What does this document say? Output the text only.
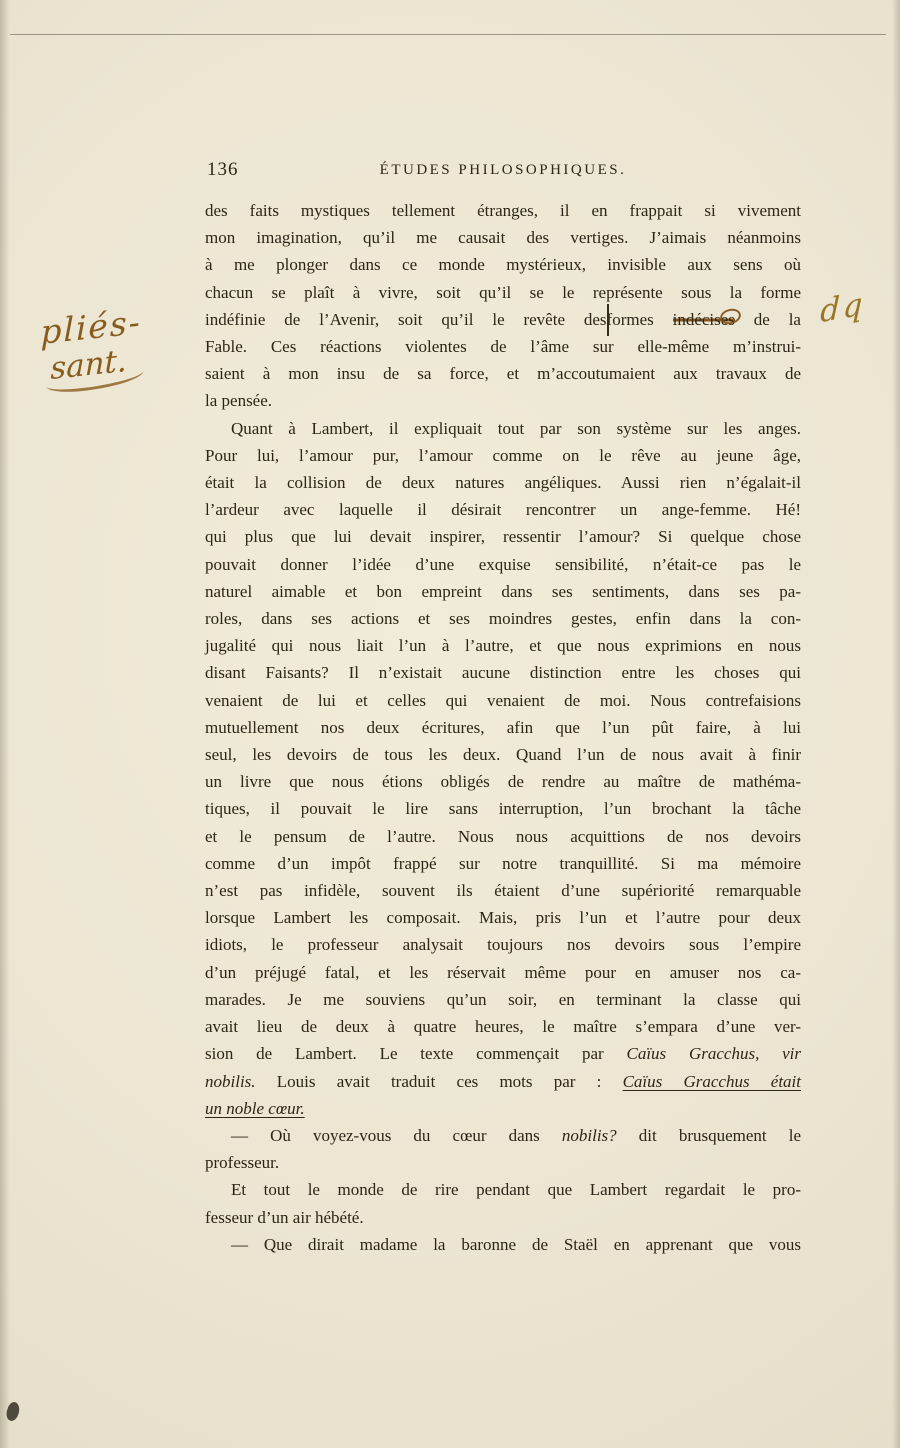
136	ÉTUDES PHILOSOPHIQUES.
des faits mystiques tellement étranges, il en frappait si vivement
mon imagination, qu’il me causait des vertiges. J’aimais néanmoins
à me plonger dans ce monde mystérieux, invisible aux sens où
chacun se plaît à vivre, soit qu’il se le représente sous la forme
indéfinie de l’Avenir, soit qu’il le revête desformes indécises de la
Fable. Ces réactions violentes de l’âme sur elle-même m’instrui-
saient à mon insu de sa force, et m’accoutumaient aux travaux de
la pensée.
Quant à Lambert, il expliquait tout par son système sur les anges.
Pour lui, l’amour pur, l’amour comme on le rêve au jeune âge,
était la collision de deux natures angéliques. Aussi rien n’égalait-il
l’ardeur avec laquelle il désirait rencontrer un ange-femme. Hé!
qui plus que lui devait inspirer, ressentir l’amour? Si quelque chose
pouvait donner l’idée d’une exquise sensibilité, n’était-ce pas le
naturel aimable et bon empreint dans ses sentiments, dans ses pa-
roles, dans ses actions et ses moindres gestes, enfin dans la con-
jugalité qui nous liait l’un à l’autre, et que nous exprimions en nous
disant Faisants? Il n’existait aucune distinction entre les choses qui
venaient de lui et celles qui venaient de moi. Nous contrefaisions
mutuellement nos deux écritures, afin que l’un pût faire, à lui
seul, les devoirs de tous les deux. Quand l’un de nous avait à finir
un livre que nous étions obligés de rendre au maître de mathéma-
tiques, il pouvait le lire sans interruption, l’un brochant la tâche
et le pensum de l’autre. Nous nous acquittions de nos devoirs
comme d’un impôt frappé sur notre tranquillité. Si ma mémoire
n’est pas infidèle, souvent ils étaient d’une supériorité remarquable
lorsque Lambert les composait. Mais, pris l’un et l’autre pour deux
idiots, le professeur analysait toujours nos devoirs sous l’empire
d’un préjugé fatal, et les réservait même pour en amuser nos ca-
marades. Je me souviens qu’un soir, en terminant la classe qui
avait lieu de deux à quatre heures, le maître s’empara d’une ver-
sion de Lambert. Le texte commençait par Caïus Gracchus, vir
nobilis. Louis avait traduit ces mots par : Caïus Gracchus était
un noble cœur.
— Où voyez-vous du cœur dans nobilis? dit brusquement le
professeur.
Et tout le monde de rire pendant que Lambert regardait le pro-
fesseur d’un air hébété.
— Que dirait madame la baronne de Staël en apprenant que vous
pliés-
sant.
dq
